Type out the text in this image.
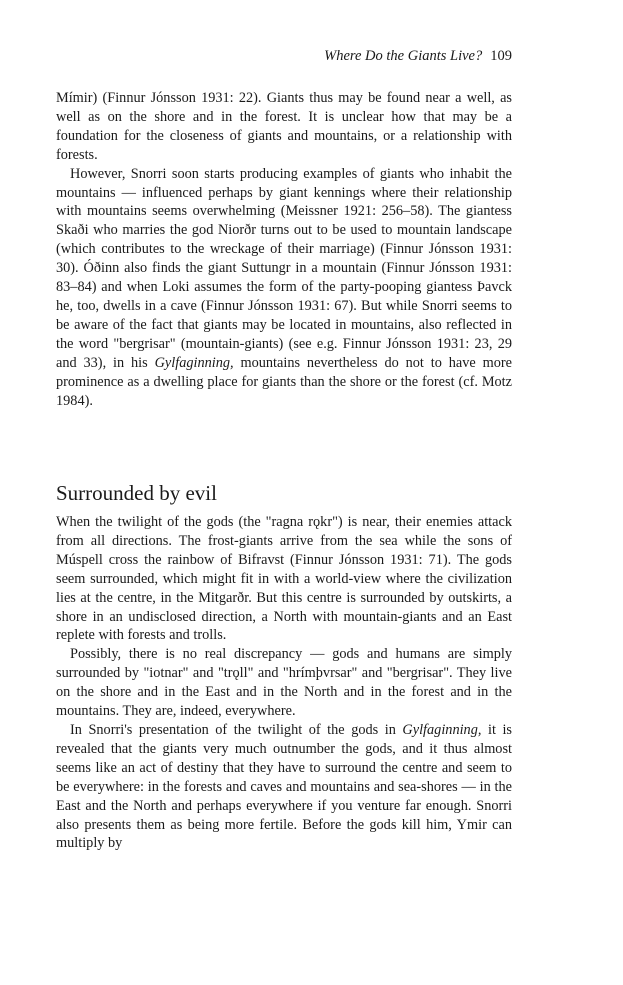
Where Do the Giants Live? 109

Mímir) (Finnur Jónsson 1931: 22). Giants thus may be found near a well, as well as on the shore and in the forest. It is unclear how that may be a foundation for the closeness of giants and mountains, or a relationship with forests.

However, Snorri soon starts producing examples of giants who inhabit the mountains — influenced perhaps by giant kennings where their relationship with mountains seems overwhelming (Meissner 1921: 256–58). The giantess Skaði who marries the god Niorðr turns out to be used to mountain landscape (which contributes to the wreckage of their marriage) (Finnur Jónsson 1931: 30). Óðinn also finds the giant Suttungr in a mountain (Finnur Jónsson 1931: 83–84) and when Loki assumes the form of the party-pooping giantess Þavck he, too, dwells in a cave (Finnur Jónsson 1931: 67). But while Snorri seems to be aware of the fact that giants may be located in mountains, also reflected in the word "bergrisar" (mountain-giants) (see e.g. Finnur Jónsson 1931: 23, 29 and 33), in his Gylfaginning, mountains nevertheless do not to have more prominence as a dwelling place for giants than the shore or the forest (cf. Motz 1984).

Surrounded by evil

When the twilight of the gods (the "ragna rǫkr") is near, their enemies attack from all directions. The frost-giants arrive from the sea while the sons of Múspell cross the rainbow of Bifravst (Finnur Jónsson 1931: 71). The gods seem surrounded, which might fit in with a world-view where the civilization lies at the centre, in the Mitgarðr. But this centre is surrounded by outskirts, a shore in an undisclosed direction, a North with mountain-giants and an East replete with forests and trolls.

Possibly, there is no real discrepancy — gods and humans are simply surrounded by "iotnar" and "trǫll" and "hrímþvrsar" and "bergrisar". They live on the shore and in the East and in the North and in the forest and in the mountains. They are, indeed, everywhere.

In Snorri's presentation of the twilight of the gods in Gylfaginning, it is revealed that the giants very much outnumber the gods, and it thus almost seems like an act of destiny that they have to surround the centre and seem to be everywhere: in the forests and caves and mountains and sea-shores — in the East and the North and perhaps everywhere if you venture far enough. Snorri also presents them as being more fertile. Before the gods kill him, Ymir can multiply by
